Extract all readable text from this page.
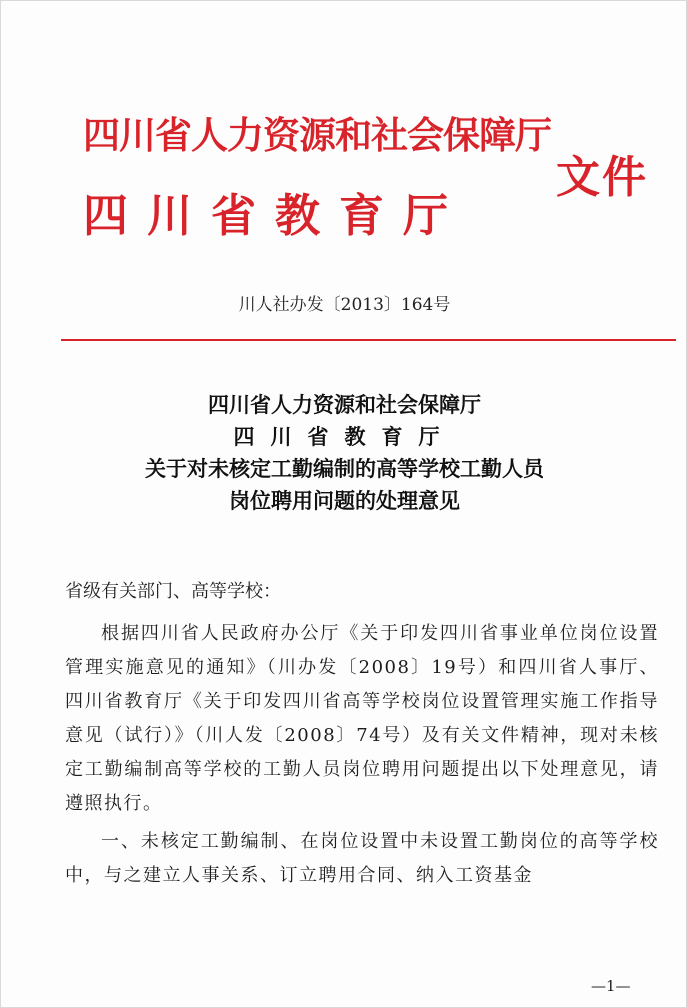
四川省人力资源和社会保障厅
四川省教育厅
文件
川人社办发〔2013〕164号
四川省人力资源和社会保障厅
四川省教育厅
关于对未核定工勤编制的高等学校工勤人员
岗位聘用问题的处理意见

省级有关部门、高等学校：

根据四川省人民政府办公厅《关于印发四川省事业单位岗位设置管理实施意见的通知》（川办发〔2008〕19号）和四川省人事厅、四川省教育厅《关于印发四川省高等学校岗位设置管理实施工作指导意见（试行）》（川人发〔2008〕74号）及有关文件精神，现对未核定工勤编制高等学校的工勤人员岗位聘用问题提出以下处理意见，请遵照执行。

一、未核定工勤编制、在岗位设置中未设置工勤岗位的高等学校中，与之建立人事关系、订立聘用合同、纳入工资基金

—1—
